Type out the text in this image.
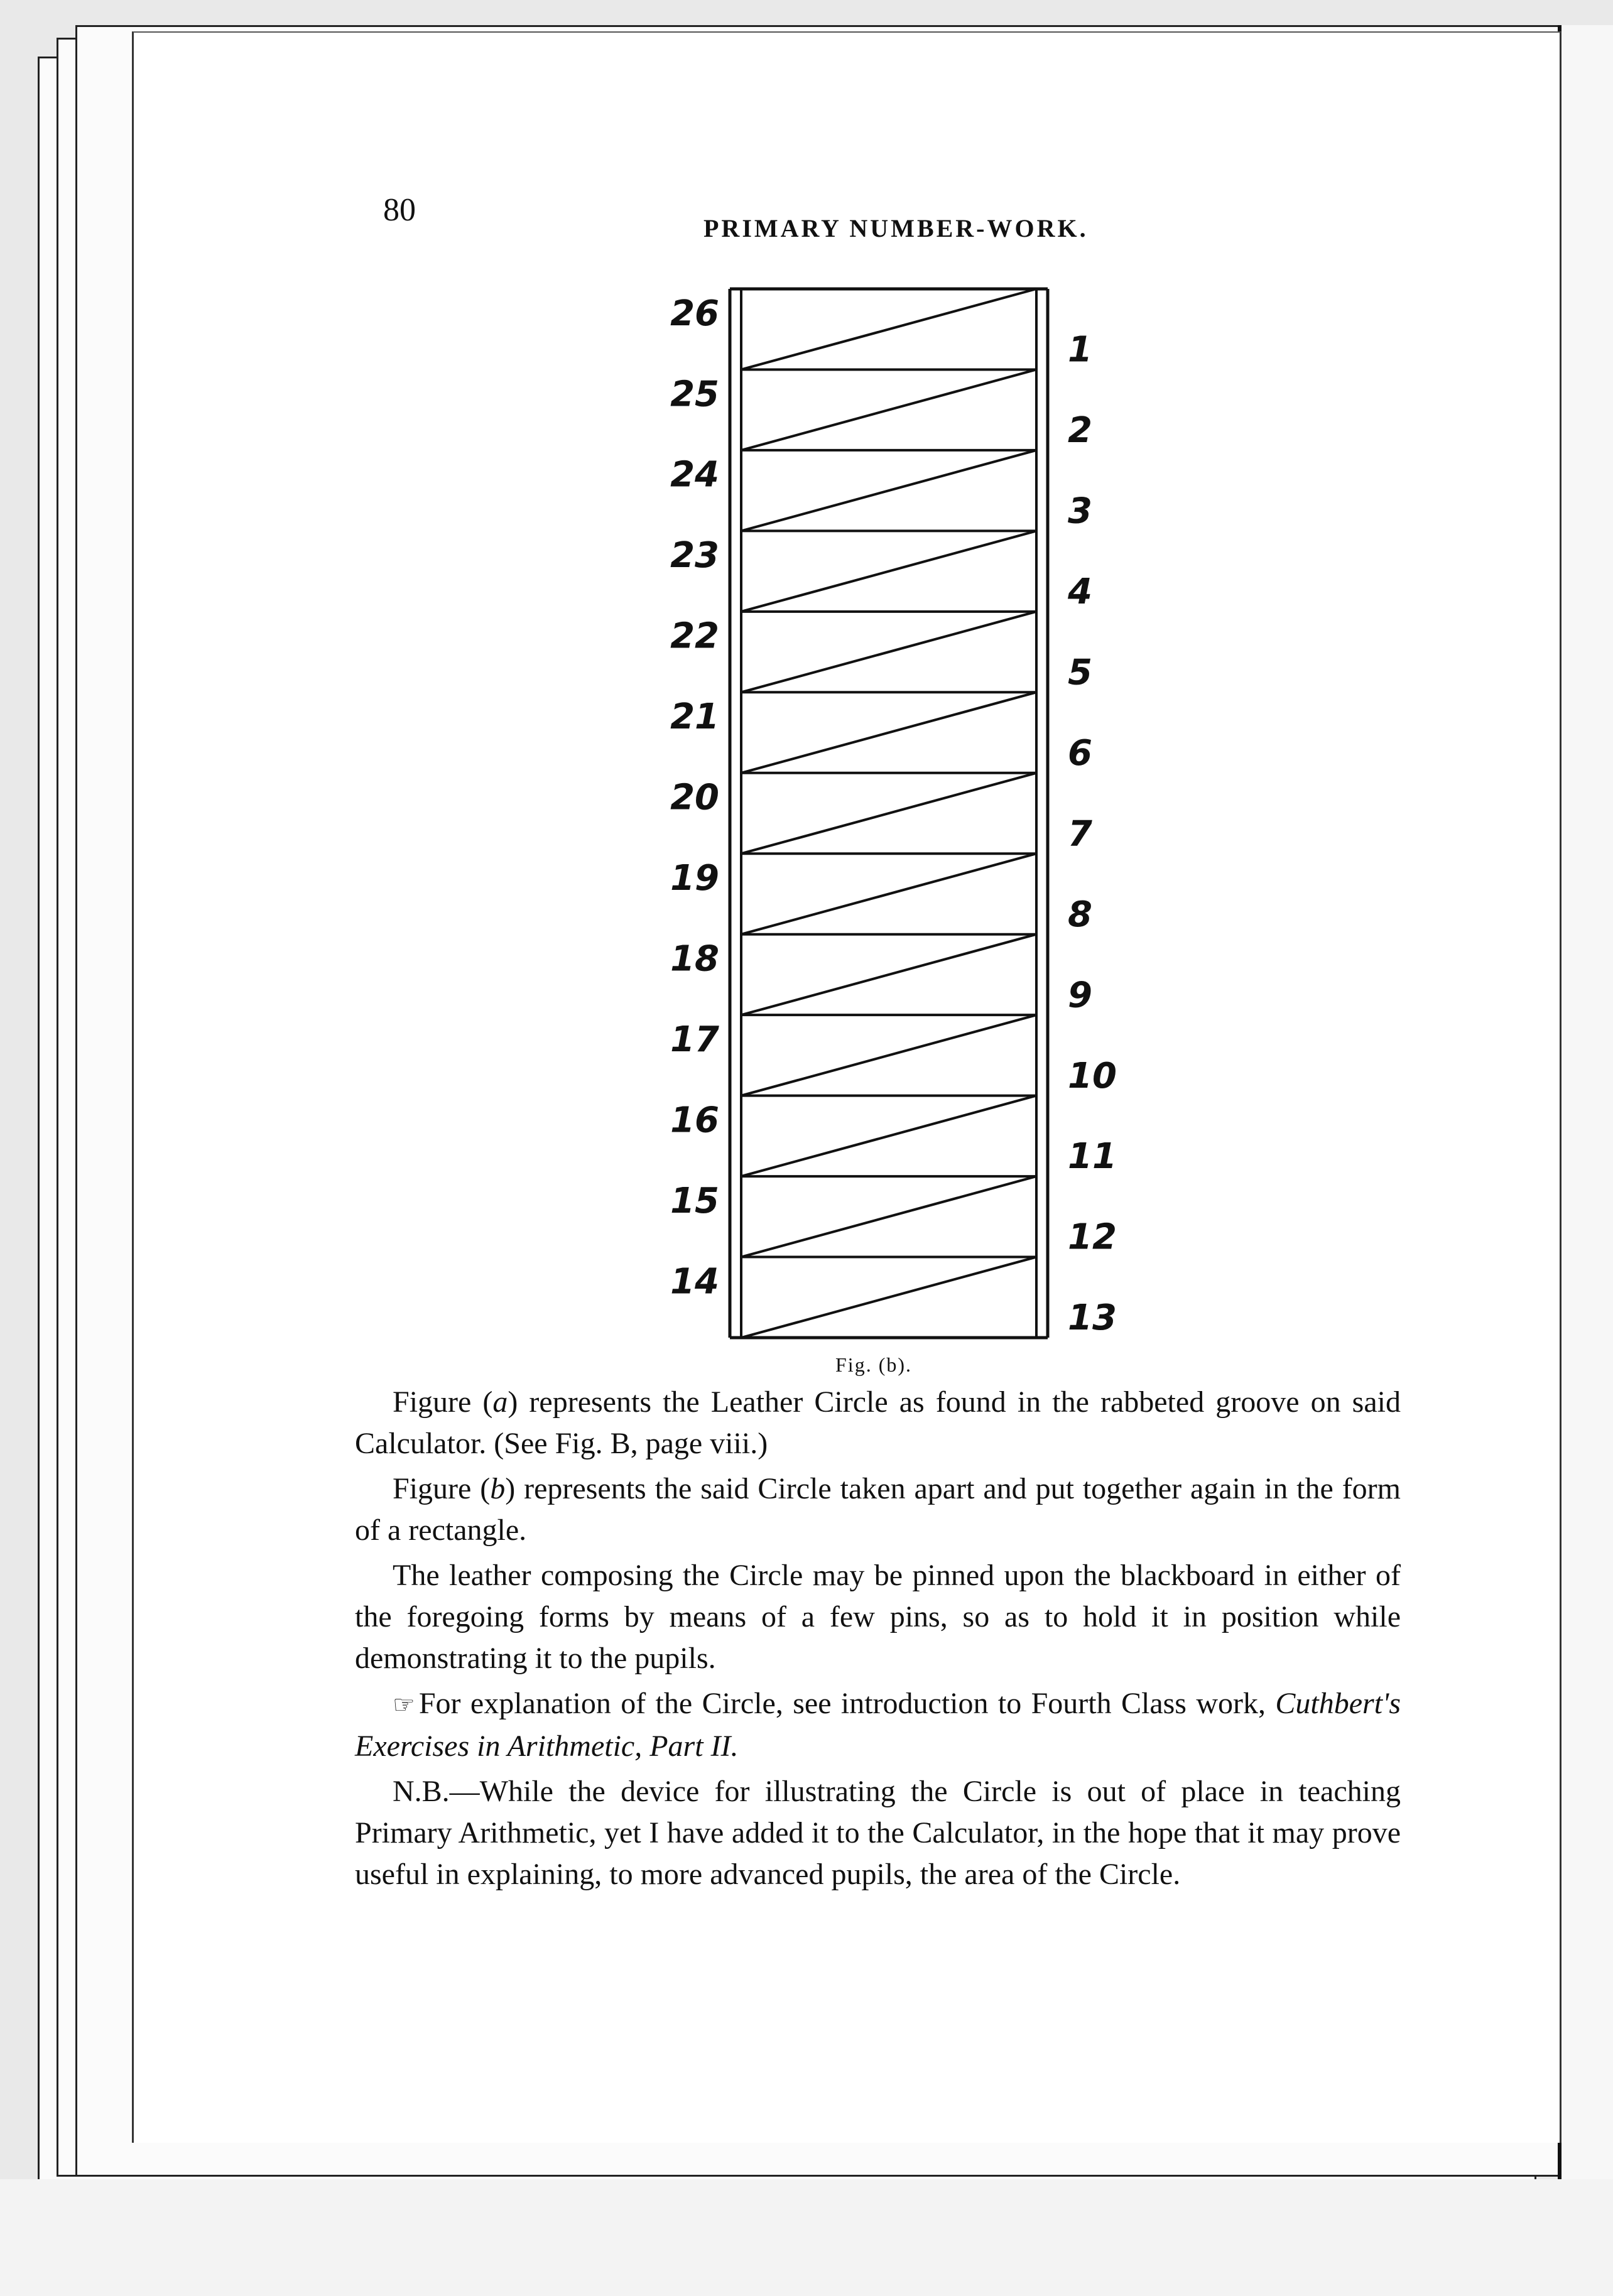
80
PRIMARY NUMBER-WORK.
26
25
24
23
22
21
20
19
18
17
16
15
14
1
2
3
4
5
6
7
8
9
10
11
12
13
Fig. (b).

Figure (a) represents the Leather Circle as found in the rabbeted groove on said Calculator. (See Fig. B, page viii.)

Figure (b) represents the said Circle taken apart and put together again in the form of a rectangle.

The leather composing the Circle may be pinned upon the blackboard in either of the foregoing forms by means of a few pins, so as to hold it in position while demonstrating it to the pupils.

☞ For explanation of the Circle, see introduction to Fourth Class work, Cuthbert's Exercises in Arithmetic, Part II.

N.B.—While the device for illustrating the Circle is out of place in teaching Primary Arithmetic, yet I have added it to the Calculator, in the hope that it may prove useful in explaining, to more advanced pupils, the area of the Circle.
